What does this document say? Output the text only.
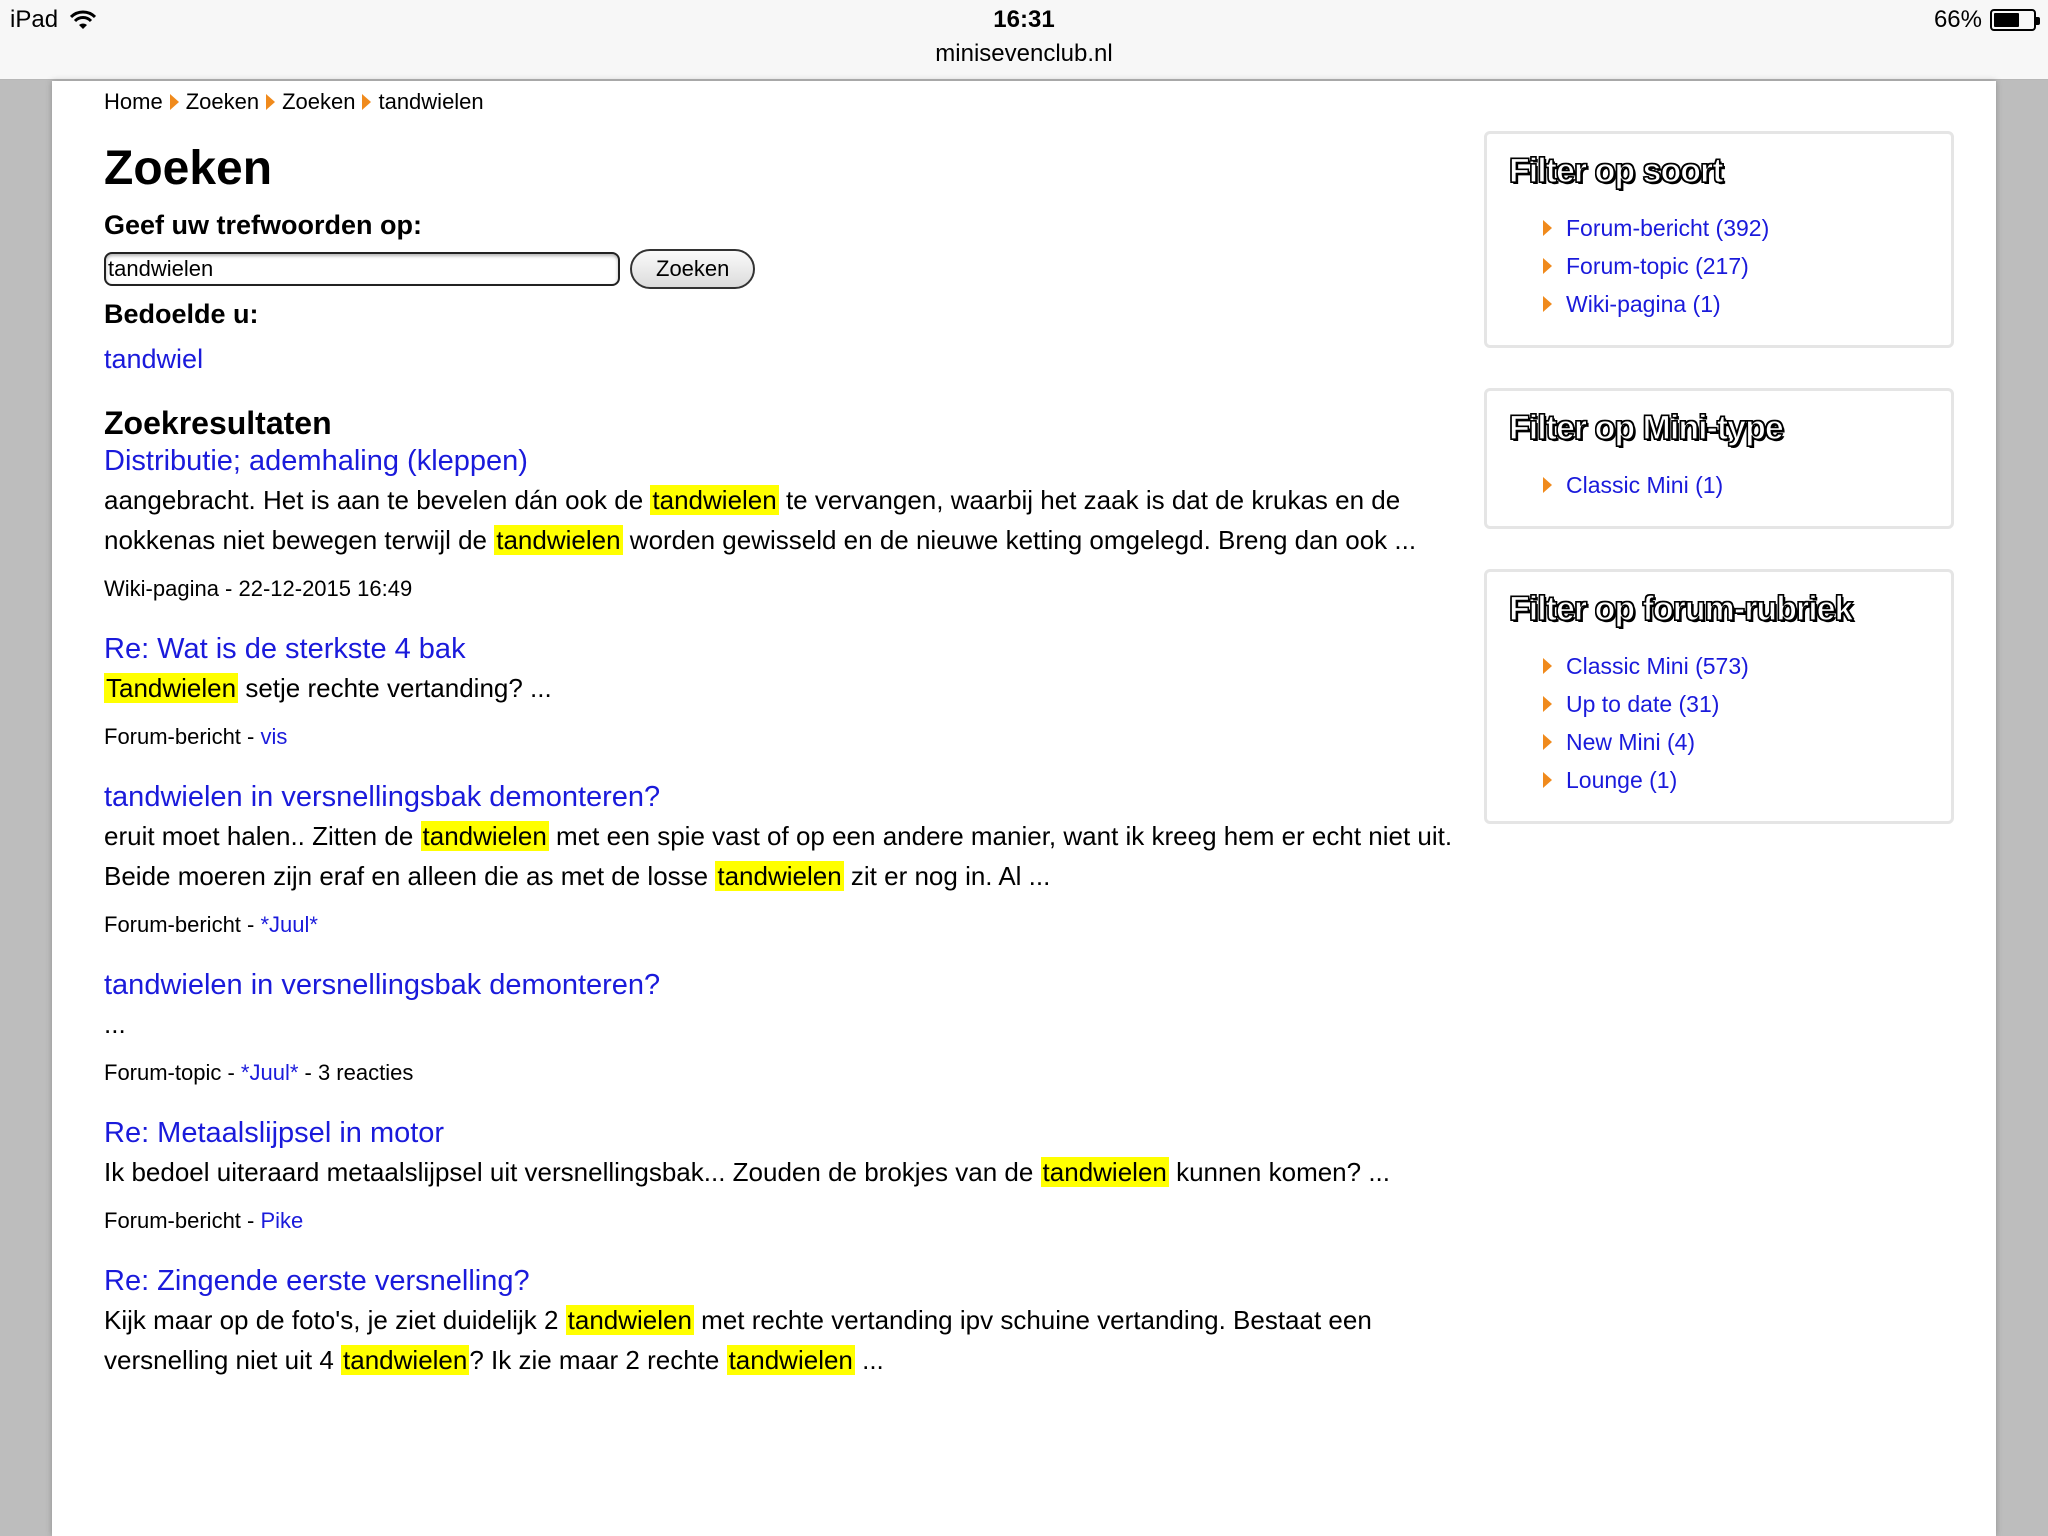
iPad	16:31
minisevenclub.nl
66%
Home Zoeken Zoeken tandwielen
Zoeken
Geef uw trefwoorden op:
tandwielen
Zoeken
Bedoelde u:
tandwiel
Zoekresultaten
Distributie; ademhaling (kleppen)
aangebracht. Het is aan te bevelen dán ook de tandwielen te vervangen, waarbij het zaak is dat de krukas en de nokkenas niet bewegen terwijl de tandwielen worden gewisseld en de nieuwe ketting omgelegd. Breng dan ook ...
Wiki-pagina - 22-12-2015 16:49
Re: Wat is de sterkste 4 bak
Tandwielen setje rechte vertanding? ...
Forum-bericht - vis
tandwielen in versnellingsbak demonteren?
eruit moet halen.. Zitten de tandwielen met een spie vast of op een andere manier, want ik kreeg hem er echt niet uit. Beide moeren zijn eraf en alleen die as met de losse tandwielen zit er nog in. Al ...
Forum-bericht - *Juul*
tandwielen in versnellingsbak demonteren?
...
Forum-topic - *Juul* - 3 reacties
Re: Metaalslijpsel in motor
Ik bedoel uiteraard metaalslijpsel uit versnellingsbak... Zouden de brokjes van de tandwielen kunnen komen? ...
Forum-bericht - Pike
Re: Zingende eerste versnelling?
Kijk maar op de foto's, je ziet duidelijk 2 tandwielen met rechte vertanding ipv schuine vertanding. Bestaat een versnelling niet uit 4 tandwielen? Ik zie maar 2 rechte tandwielen ...
Filter op soort
Forum-bericht (392)
Forum-topic (217)
Wiki-pagina (1)
Filter op Mini-type
Classic Mini (1)
Filter op forum-rubriek
Classic Mini (573)
Up to date (31)
New Mini (4)
Lounge (1)
